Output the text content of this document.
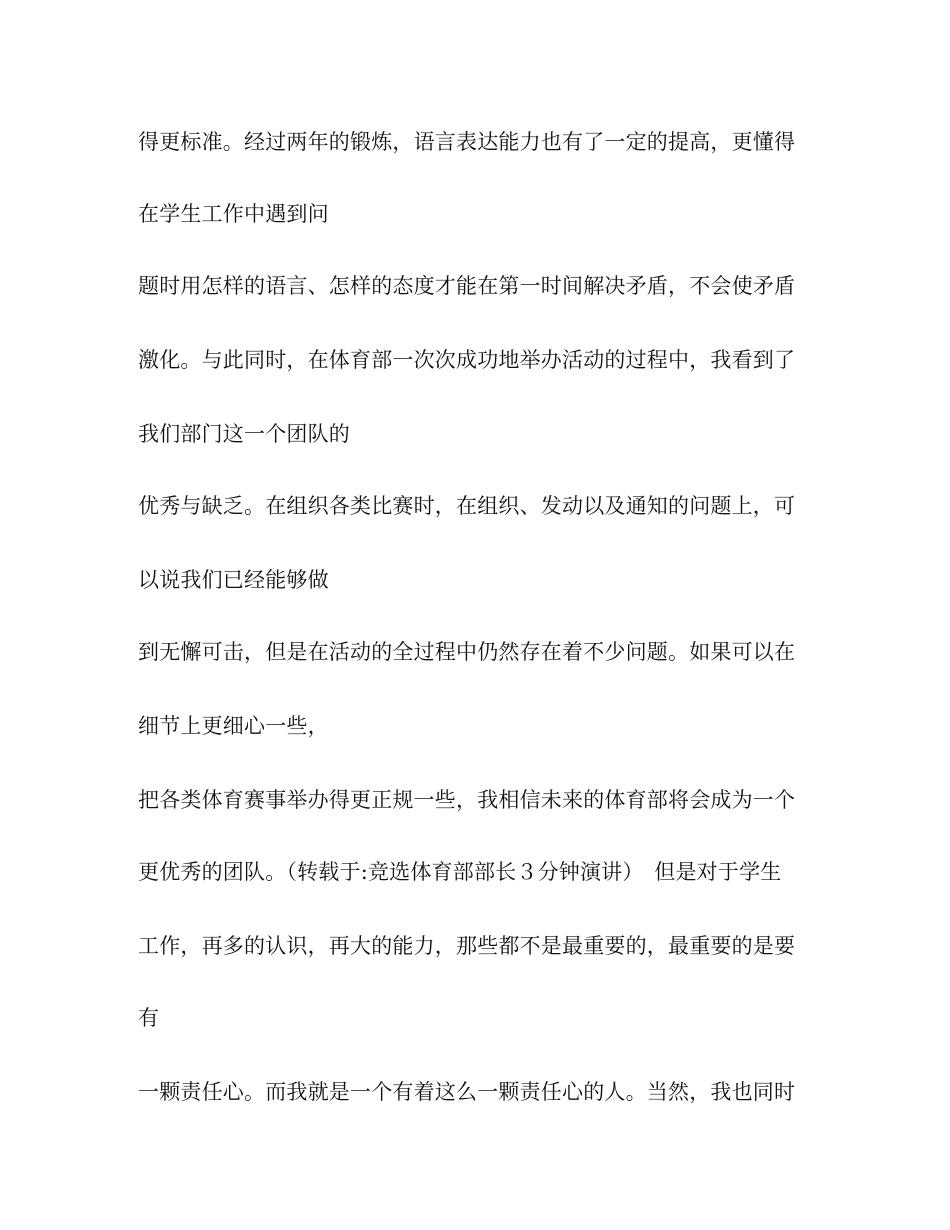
得更标准。经过两年的锻炼，语言表达能力也有了一定的提高，更懂得
在学生工作中遇到问
题时用怎样的语言、怎样的态度才能在第一时间解决矛盾，不会使矛盾
激化。与此同时，在体育部一次次成功地举办活动的过程中，我看到了
我们部门这一个团队的
优秀与缺乏。在组织各类比赛时，在组织、发动以及通知的问题上，可
以说我们已经能够做
到无懈可击，但是在活动的全过程中仍然存在着不少问题。如果可以在
细节上更细心一些，
把各类体育赛事举办得更正规一些，我相信未来的体育部将会成为一个
更优秀的团队。（转载于:竞选体育部部长３分钟演讲）　但是对于学生
工作，再多的认识，再大的能力，那些都不是最重要的，最重要的是要
有
一颗责任心。而我就是一个有着这么一颗责任心的人。当然，我也同时
